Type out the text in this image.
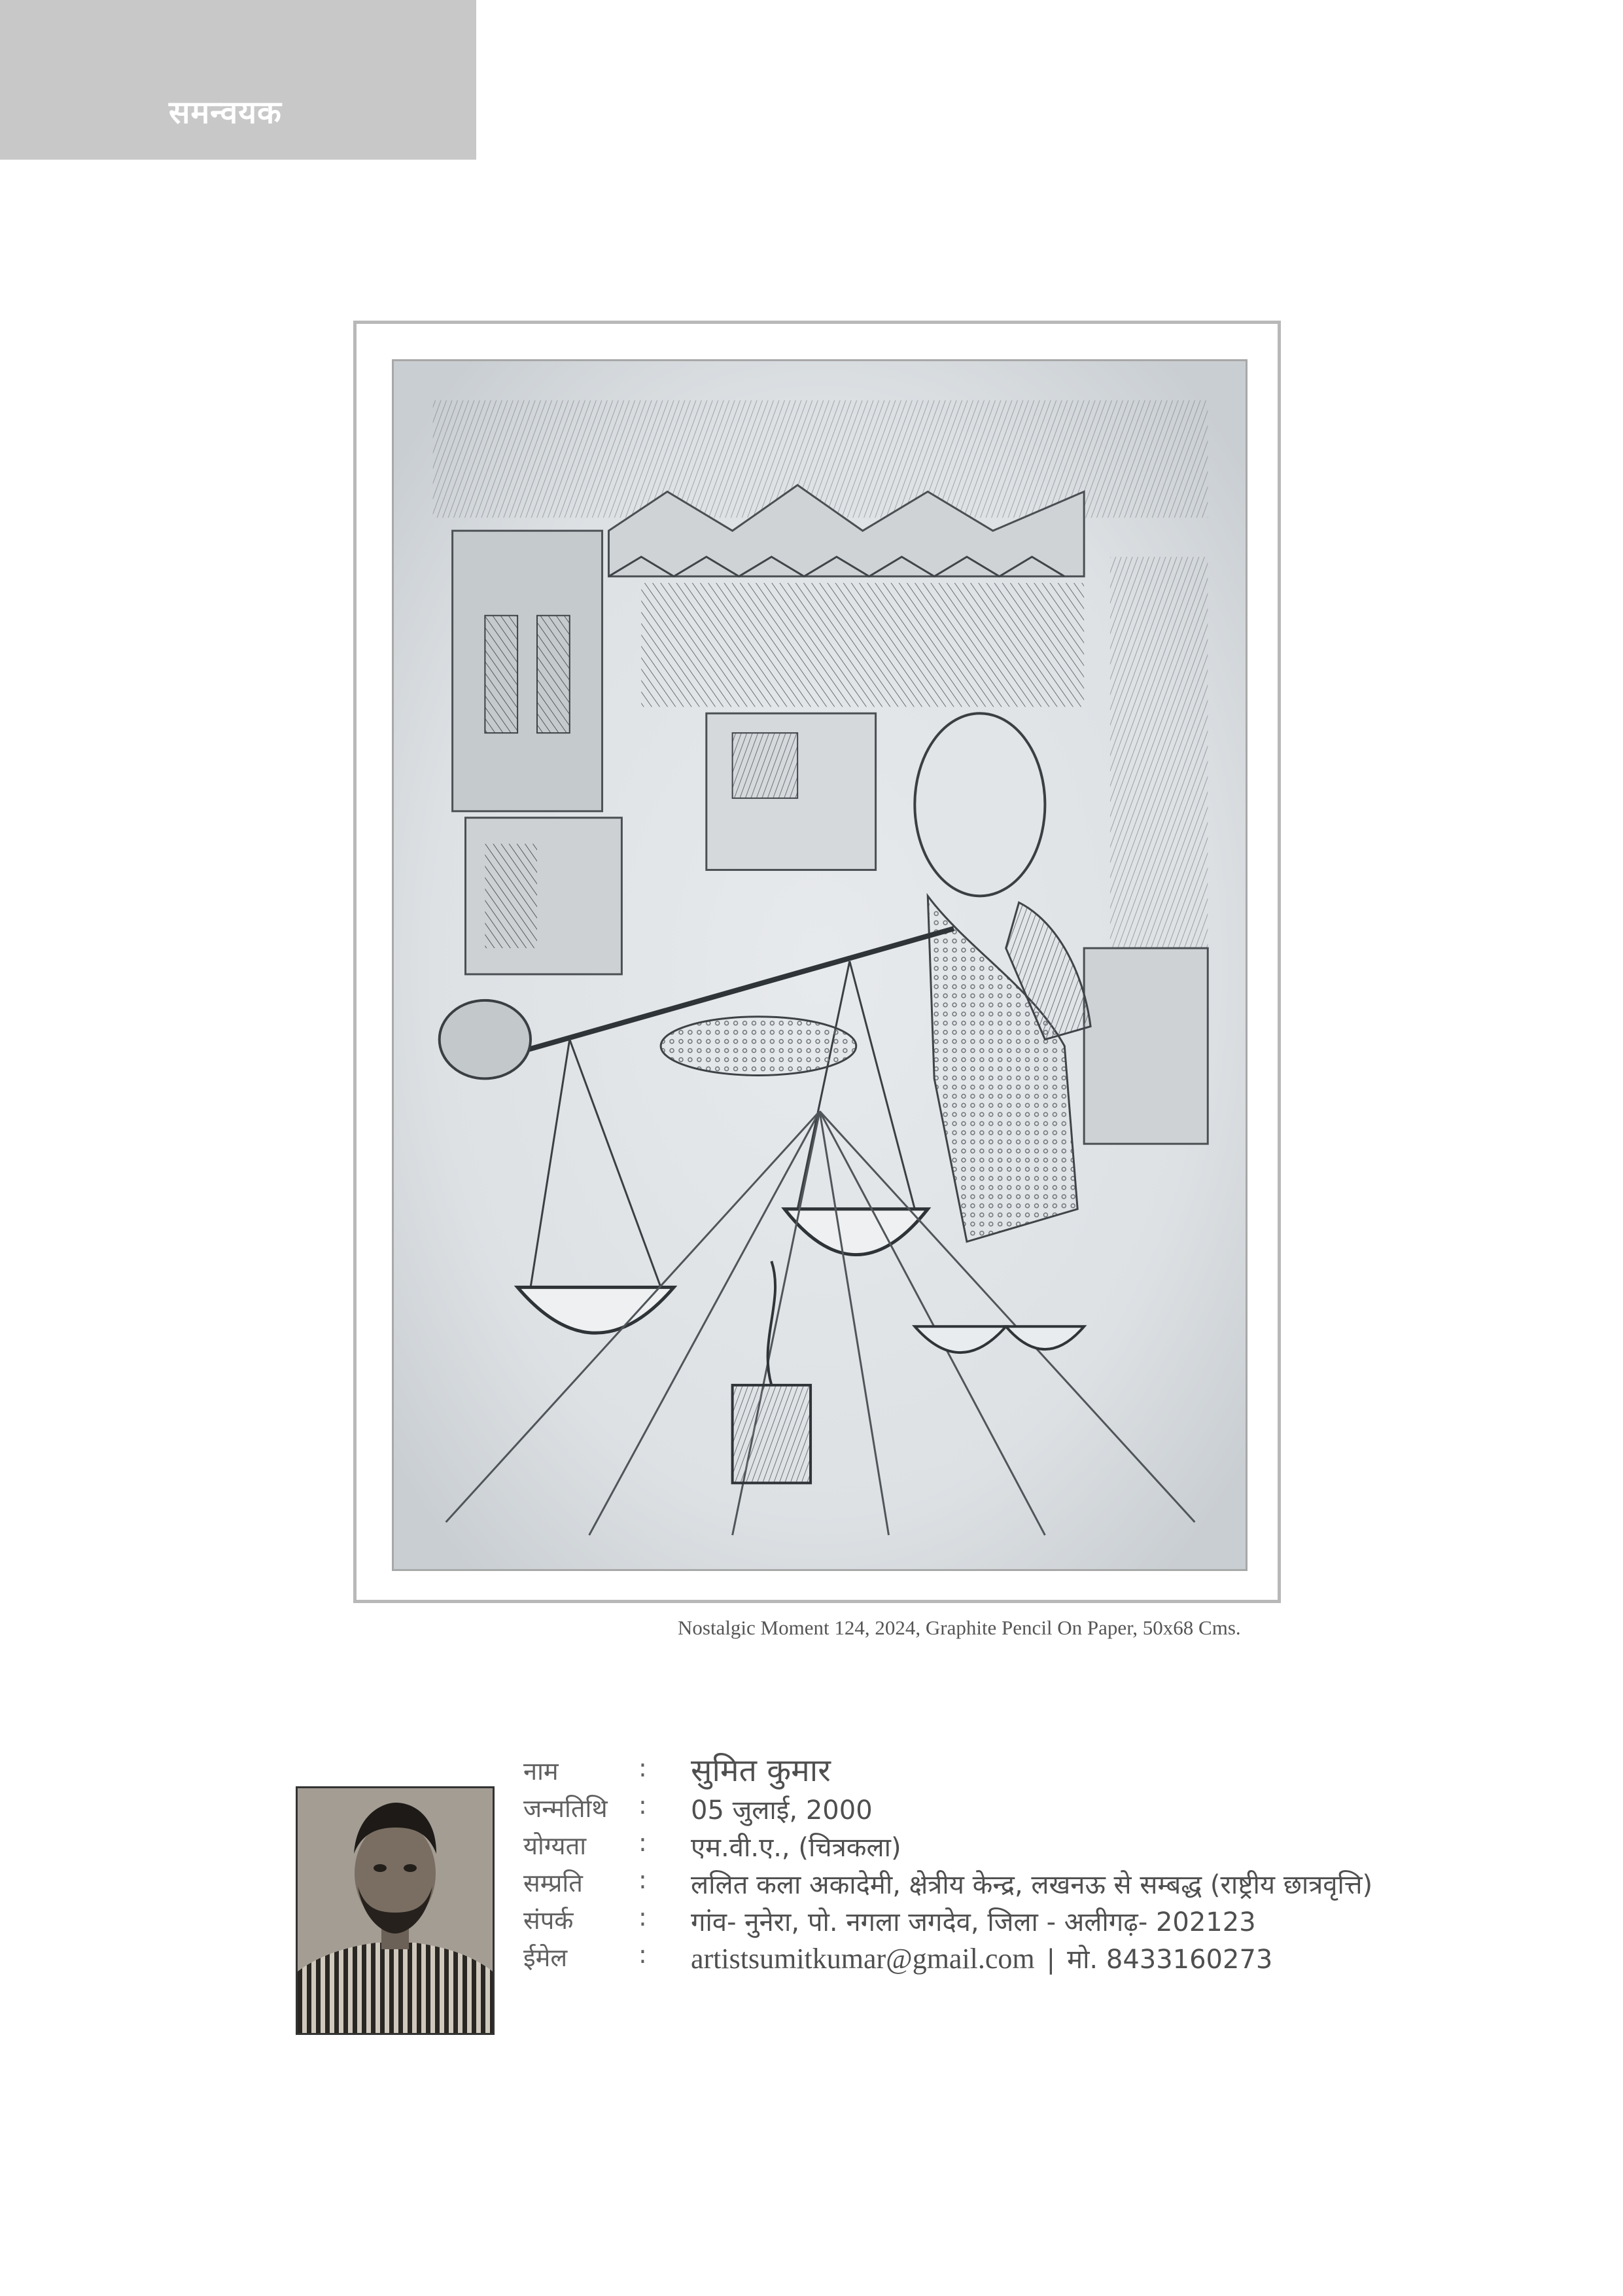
समन्वयक
Nostalgic Moment 124, 2024, Graphite Pencil On Paper, 50x68 Cms.
नाम	: सुमित कुमार
जन्मतिथि : 05 जुलाई, 2000
योग्यता : एम.वी.ए., (चित्रकला)
सम्प्रति : ललित कला अकादेमी, क्षेत्रीय केन्द्र, लखनऊ से सम्बद्ध (राष्ट्रीय छात्रवृत्ति)
संपर्क	: गांव- नुनेरा, पो. नगला जगदेव, जिला - अलीगढ़- 202123
ईमेल	: artistsumitkumar@gmail.com | मो. 8433160273
